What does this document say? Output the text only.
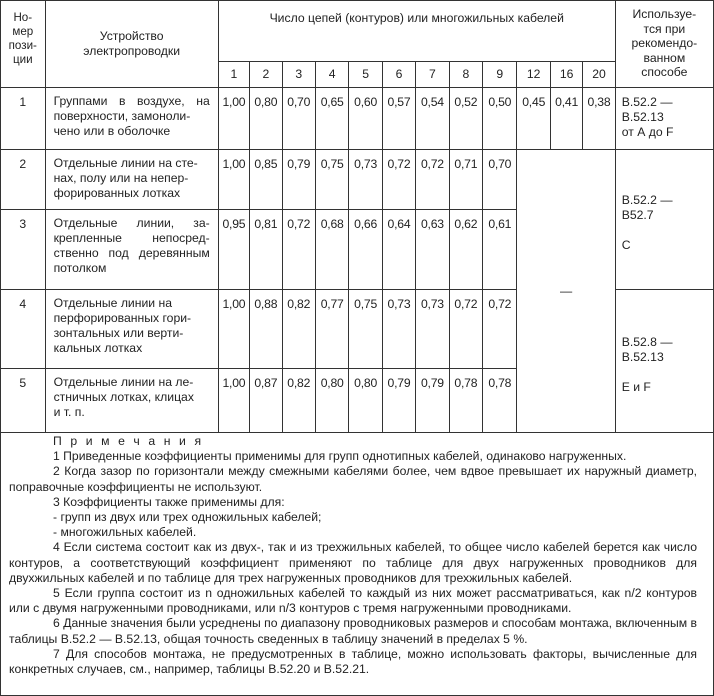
Но-
мер
пози-
ции	Устройство
электропроводки	Число цепей (контуров) или многожильных кабелей												Используе-
тся при
рекомендо-
ванном
способе
		1	2	3	4	5	6	7	8	9	12	16	20	
1	Группами в воздухе, на поверхности, замоноли-
чено или в оболочке	1,00	0,80	0,70	0,65	0,60	0,57	0,54	0,52	0,50	0,45	0,41	0,38	B.52.2 —
B.52.13
от А до F
2	Отдельные линии на сте-
нах, полу или на непер-
форированных лотках	1,00	0,85	0,79	0,75	0,73	0,72	0,72	0,71	0,70	—			B.52.2 —
B52.7

C
3	Отдельные линии, за-
крепленные непосред-
ственно под деревянным
потолком	0,95	0,81	0,72	0,68	0,66	0,64	0,63	0,62	0,61				
4	Отдельные линии на
перфорированных гори-
зонтальных или верти-
кальных лотках	1,00	0,88	0,82	0,77	0,75	0,73	0,73	0,72	0,72				B.52.8 —
B.52.13

E и F
5	Отдельные линии на ле-
стничных лотках, клицах
и т. п.	1,00	0,87	0,82	0,80	0,80	0,79	0,79	0,78	0,78				

П р и м е ч а н и я

1 Приведенные коэффициенты применимы для групп однотипных кабелей, одинаково нагруженных.

2 Когда зазор по горизонтали между смежными кабелями более, чем вдвое превышает их наружный диаметр, поправочные коэффициенты не используют.

3 Коэффициенты также применимы для:

- групп из двух или трех одножильных кабелей;

- многожильных кабелей.

4 Если система состоит как из двух-, так и из трехжильных кабелей, то общее число кабелей берется как число контуров, а соответствующий коэффициент применяют по таблице для двух нагруженных проводников для двухжильных кабелей и по таблице для трех нагруженных проводников для трехжильных кабелей.

5 Если группа состоит из n одножильных кабелей то каждый из них может рассматриваться, как n/2 контуров или с двумя нагруженными проводниками, или n/3 контуров с тремя нагруженными проводниками.

6 Данные значения были усреднены по диапазону проводниковых размеров и способам монтажа, включенным в таблицы B.52.2 — B.52.13, общая точность сведенных в таблицу значений в пределах 5 %.

7 Для способов монтажа, не предусмотренных в таблице, можно использовать факторы, вычисленные для конкретных случаев, см., например, таблицы B.52.20 и B.52.21.
